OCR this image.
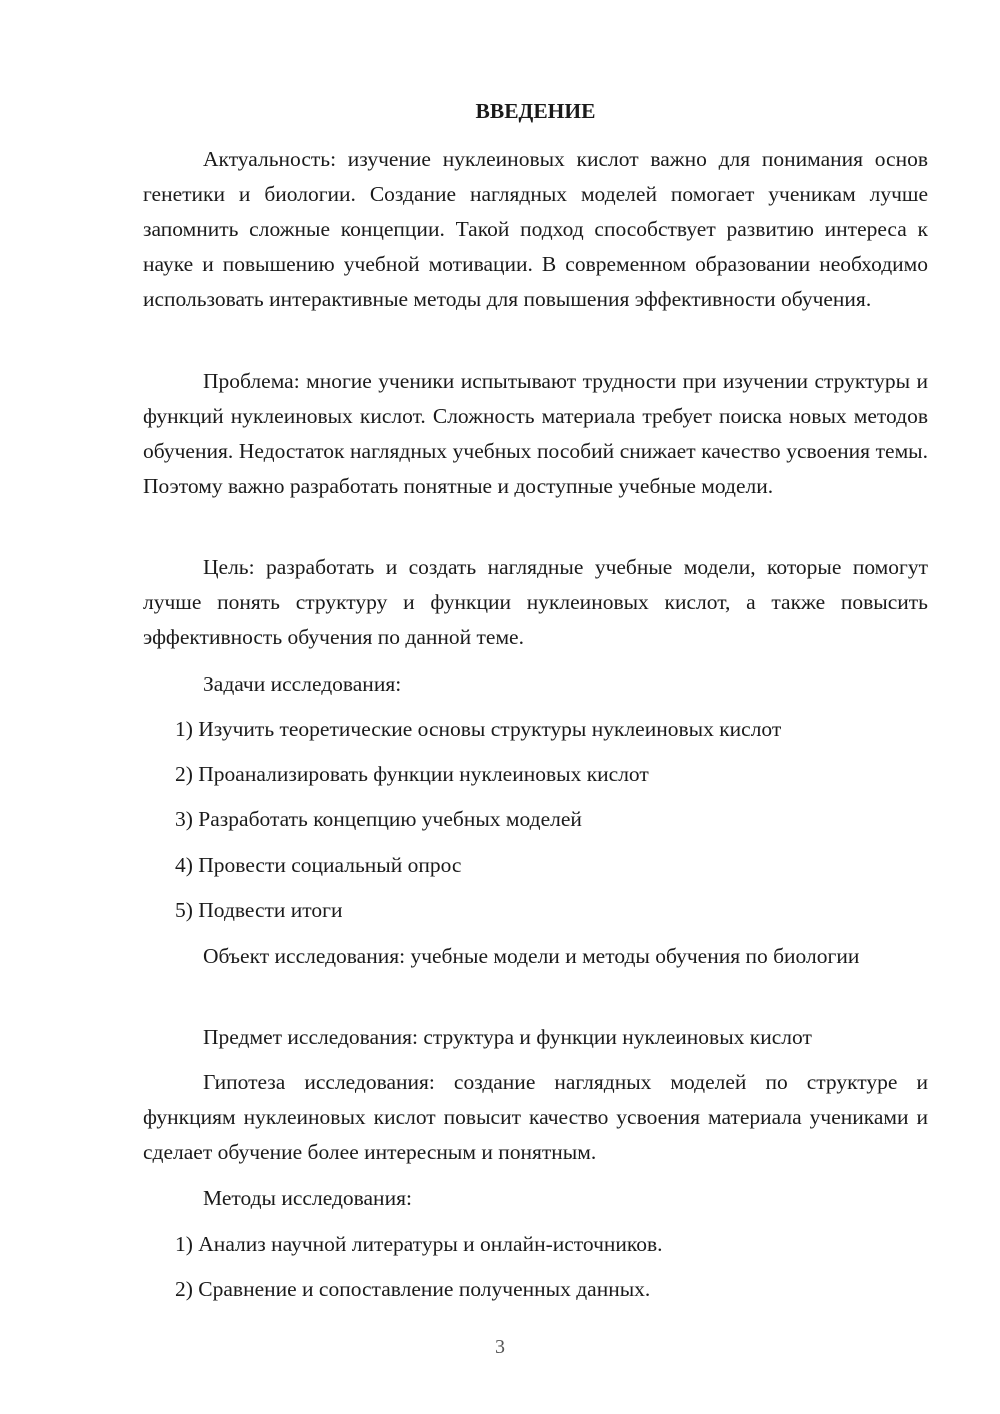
ВВЕДЕНИЕ

Актуальность: изучение нуклеиновых кислот важно для понимания основ генетики и биологии. Создание наглядных моделей помогает ученикам лучше запомнить сложные концепции. Такой подход способствует развитию интереса к науке и повышению учебной мотивации. В современном образовании необходимо использовать интерактивные методы для повышения эффективности обучения.

Проблема: многие ученики испытывают трудности при изучении структуры и функций нуклеиновых кислот. Сложность материала требует поиска новых методов обучения. Недостаток наглядных учебных пособий снижает качество усвоения темы. Поэтому важно разработать понятные и доступные учебные модели.

Цель: разработать и создать наглядные учебные модели, которые помогут лучше понять структуру и функции нуклеиновых кислот, а также повысить эффективность обучения по данной теме.

Задачи исследования:

1) Изучить теоретические основы структуры нуклеиновых кислот

2) Проанализировать функции нуклеиновых кислот

3) Разработать концепцию учебных моделей

4) Провести социальный опрос

5) Подвести итоги

Объект исследования: учебные модели и методы обучения по биологии

Предмет исследования: структура и функции нуклеиновых кислот

Гипотеза исследования: создание наглядных моделей по структуре и функциям нуклеиновых кислот повысит качество усвоения материала учениками и сделает обучение более интересным и понятным.

Методы исследования:

1) Анализ научной литературы и онлайн-источников.

2) Сравнение и сопоставление полученных данных.

3
